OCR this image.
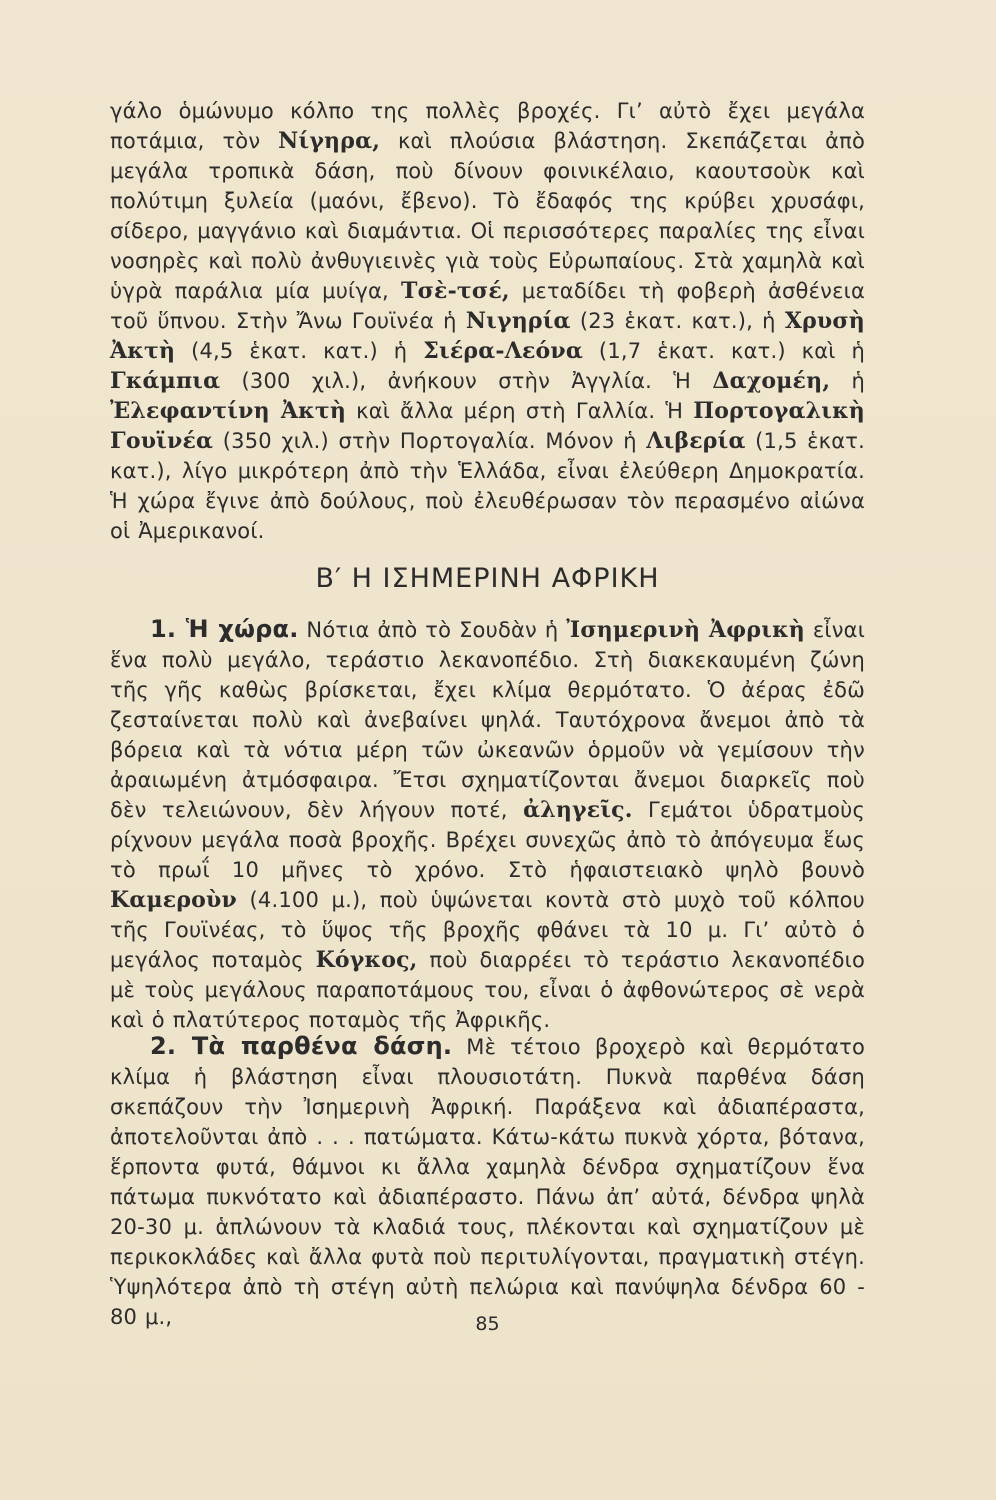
γάλο ὁμώνυμο κόλπο της πολλὲς βροχές. Γι’ αὐτὸ ἔχει μεγάλα ποτάμια, τὸν Νίγηρα, καὶ πλούσια βλάστηση. Σκεπάζεται ἀπὸ μεγάλα τροπικὰ δάση, ποὺ δίνουν φοινικέλαιο, καουτσοὺκ καὶ πολύτιμη ξυλεία (μαόνι, ἔβενο). Τὸ ἔδαφός της κρύβει χρυσάφι, σίδερο, μαγγάνιο καὶ διαμάντια. Οἱ περισσότερες παραλίες της εἶναι νοσηρὲς καὶ πολὺ ἀνθυγιεινὲς γιὰ τοὺς Εὐρωπαίους. Στὰ χαμηλὰ καὶ ὑγρὰ παράλια μία μυίγα, Τσὲ-τσέ, μεταδίδει τὴ φοβερὴ ἀσθένεια τοῦ ὕπνου. Στὴν Ἄνω Γουϊνέα ἡ Νιγηρία (23 ἑκατ. κατ.), ἡ Χρυσὴ Ἀκτὴ (4,5 ἑκατ. κατ.) ἡ Σιέρα-Λεόνα (1,7 ἑκατ. κατ.) καὶ ἡ Γκάμπια (300 χιλ.), ἀνήκουν στὴν Ἀγγλία. Ἡ Δαχομέη, ἡ Ἐλεφαντίνη Ἀκτὴ καὶ ἄλλα μέρη στὴ Γαλλία. Ἡ Πορτογαλικὴ Γουϊνέα (350 χιλ.) στὴν Πορτογαλία. Μόνον ἡ Λιβερία (1,5 ἑκατ. κατ.), λίγο μικρότερη ἀπὸ τὴν Ἑλλάδα, εἶναι ἐλεύθερη Δημοκρατία. Ἡ χώρα ἔγινε ἀπὸ δούλους, ποὺ ἐλευθέρωσαν τὸν περασμένο αἰώνα οἱ Ἀμερικανοί.

Β′ Η ΙΣΗΜΕΡΙΝΗ ΑΦΡΙΚΗ

1. Ἡ χώρα. Νότια ἀπὸ τὸ Σουδὰν ἡ Ἰσημερινὴ Ἀφρικὴ εἶναι ἕνα πολὺ μεγάλο, τεράστιο λεκανοπέδιο. Στὴ διακεκαυμένη ζώνη τῆς γῆς καθὼς βρίσκεται, ἔχει κλίμα θερμότατο. Ὁ ἀέρας ἐδῶ ζεσταίνεται πολὺ καὶ ἀνεβαίνει ψηλά. Ταυτόχρονα ἄνεμοι ἀπὸ τὰ βόρεια καὶ τὰ νότια μέρη τῶν ὠκεανῶν ὁρμοῦν νὰ γεμίσουν τὴν ἀραιωμένη ἀτμόσφαιρα. Ἔτσι σχηματίζονται ἄνεμοι διαρκεῖς ποὺ δὲν τελειώνουν, δὲν λήγουν ποτέ, ἀληγεῖς. Γεμάτοι ὑδρατμοὺς ρίχνουν μεγάλα ποσὰ βροχῆς. Βρέχει συνεχῶς ἀπὸ τὸ ἀπόγευμα ἕως τὸ πρωΐ 10 μῆνες τὸ χρόνο. Στὸ ἡφαιστειακὸ ψηλὸ βουνὸ Καμεροὺν (4.100 μ.), ποὺ ὑψώνεται κοντὰ στὸ μυχὸ τοῦ κόλπου τῆς Γουϊνέας, τὸ ὕψος τῆς βροχῆς φθάνει τὰ 10 μ. Γι’ αὐτὸ ὁ μεγάλος ποταμὸς Κόγκος, ποὺ διαρρέει τὸ τεράστιο λεκανοπέδιο μὲ τοὺς μεγάλους παραποτάμους του, εἶναι ὁ ἀφθονώτερος σὲ νερὰ καὶ ὁ πλατύτερος ποταμὸς τῆς Ἀφρικῆς.

2. Τὰ παρθένα δάση. Μὲ τέτοιο βροχερὸ καὶ θερμότατο κλίμα ἡ βλάστηση εἶναι πλουσιοτάτη. Πυκνὰ παρθένα δάση σκεπάζουν τὴν Ἰσημερινὴ Ἀφρική. Παράξενα καὶ ἀδιαπέραστα, ἀποτελοῦνται ἀπὸ . . . πατώματα. Κάτω-κάτω πυκνὰ χόρτα, βότανα, ἕρποντα φυτά, θάμνοι κι ἄλλα χαμηλὰ δένδρα σχηματίζουν ἕνα πάτωμα πυκνότατο καὶ ἀδιαπέραστο. Πάνω ἀπ’ αὐτά, δένδρα ψηλὰ 20-30 μ. ἁπλώνουν τὰ κλαδιά τους, πλέκονται καὶ σχηματίζουν μὲ περικοκλάδες καὶ ἄλλα φυτὰ ποὺ περιτυλίγονται, πραγματικὴ στέγη. Ὑψηλότερα ἀπὸ τὴ στέγη αὐτὴ πελώρια καὶ πανύψηλα δένδρα 60 - 80 μ.,	85
